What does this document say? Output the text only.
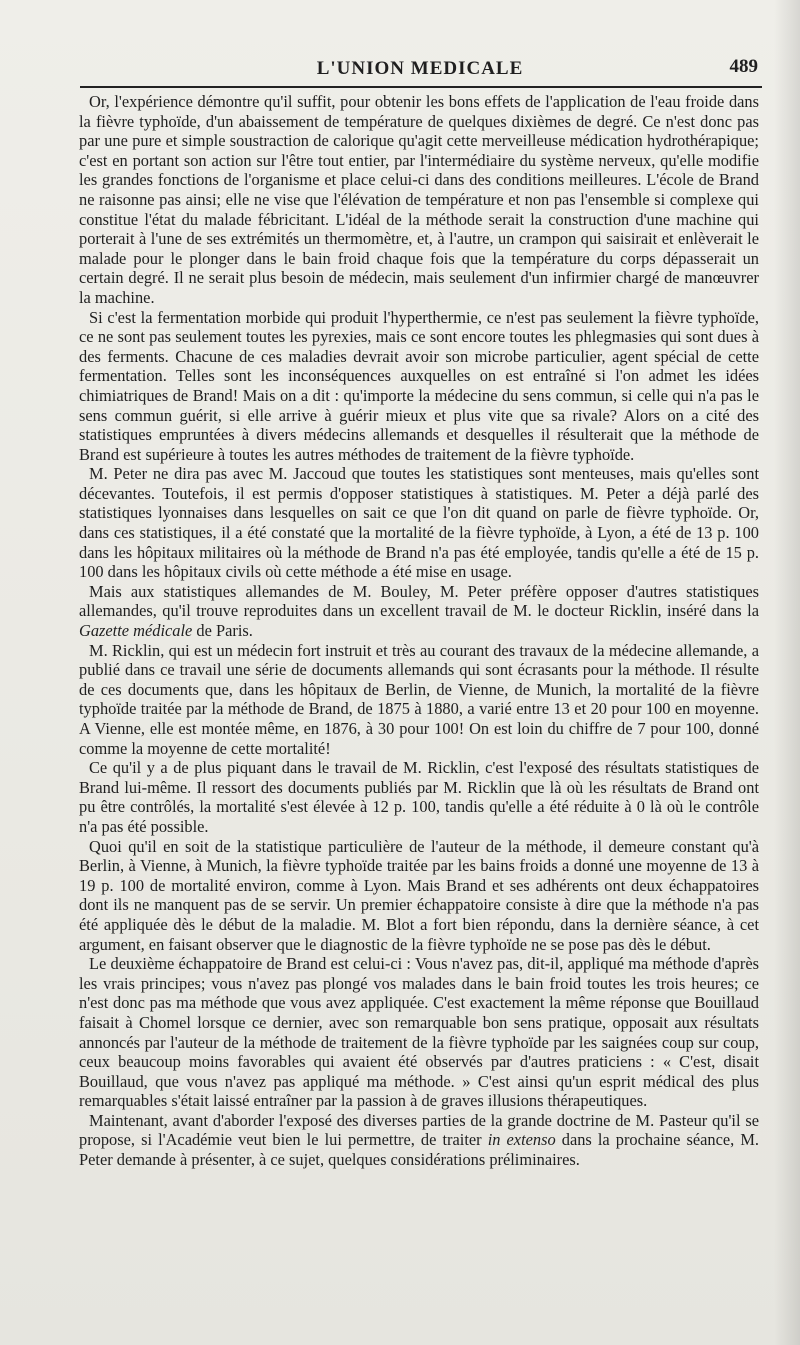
L'UNION MEDICALE	489

Or, l'expérience démontre qu'il suffit, pour obtenir les bons effets de l'application de l'eau froide dans la fièvre typhoïde, d'un abaissement de température de quelques dixièmes de degré. Ce n'est donc pas par une pure et simple soustraction de calorique qu'agit cette merveilleuse médication hydrothérapique; c'est en portant son action sur l'être tout entier, par l'intermédiaire du système nerveux, qu'elle modifie les grandes fonctions de l'organisme et place celui-ci dans des conditions meilleures. L'école de Brand ne raisonne pas ainsi; elle ne vise que l'élévation de température et non pas l'ensemble si complexe qui constitue l'état du malade fébricitant. L'idéal de la méthode serait la construction d'une machine qui porterait à l'une de ses extrémités un thermomètre, et, à l'autre, un crampon qui saisirait et enlèverait le malade pour le plonger dans le bain froid chaque fois que la température du corps dépasserait un certain degré. Il ne serait plus besoin de médecin, mais seulement d'un infirmier chargé de manœuvrer la machine.

Si c'est la fermentation morbide qui produit l'hyperthermie, ce n'est pas seulement la fièvre typhoïde, ce ne sont pas seulement toutes les pyrexies, mais ce sont encore toutes les phlegmasies qui sont dues à des ferments. Chacune de ces maladies devrait avoir son microbe particulier, agent spécial de cette fermentation. Telles sont les inconséquences auxquelles on est entraîné si l'on admet les idées chimiatriques de Brand! Mais on a dit : qu'importe la médecine du sens commun, si celle qui n'a pas le sens commun guérit, si elle arrive à guérir mieux et plus vite que sa rivale? Alors on a cité des statistiques empruntées à divers médecins allemands et desquelles il résulterait que la méthode de Brand est supérieure à toutes les autres méthodes de traitement de la fièvre typhoïde.

M. Peter ne dira pas avec M. Jaccoud que toutes les statistiques sont menteuses, mais qu'elles sont décevantes. Toutefois, il est permis d'opposer statistiques à statistiques. M. Peter a déjà parlé des statistiques lyonnaises dans lesquelles on sait ce que l'on dit quand on parle de fièvre typhoïde. Or, dans ces statistiques, il a été constaté que la mortalité de la fièvre typhoïde, à Lyon, a été de 13 p. 100 dans les hôpitaux militaires où la méthode de Brand n'a pas été employée, tandis qu'elle a été de 15 p. 100 dans les hôpitaux civils où cette méthode a été mise en usage.

Mais aux statistiques allemandes de M. Bouley, M. Peter préfère opposer d'autres statistiques allemandes, qu'il trouve reproduites dans un excellent travail de M. le docteur Ricklin, inséré dans la Gazette médicale de Paris.

M. Ricklin, qui est un médecin fort instruit et très au courant des travaux de la médecine allemande, a publié dans ce travail une série de documents allemands qui sont écrasants pour la méthode. Il résulte de ces documents que, dans les hôpitaux de Berlin, de Vienne, de Munich, la mortalité de la fièvre typhoïde traitée par la méthode de Brand, de 1875 à 1880, a varié entre 13 et 20 pour 100 en moyenne. A Vienne, elle est montée même, en 1876, à 30 pour 100! On est loin du chiffre de 7 pour 100, donné comme la moyenne de cette mortalité!

Ce qu'il y a de plus piquant dans le travail de M. Ricklin, c'est l'exposé des résultats statistiques de Brand lui-même. Il ressort des documents publiés par M. Ricklin que là où les résultats de Brand ont pu être contrôlés, la mortalité s'est élevée à 12 p. 100, tandis qu'elle a été réduite à 0 là où le contrôle n'a pas été possible.

Quoi qu'il en soit de la statistique particulière de l'auteur de la méthode, il demeure constant qu'à Berlin, à Vienne, à Munich, la fièvre typhoïde traitée par les bains froids a donné une moyenne de 13 à 19 p. 100 de mortalité environ, comme à Lyon. Mais Brand et ses adhérents ont deux échappatoires dont ils ne manquent pas de se servir. Un premier échappatoire consiste à dire que la méthode n'a pas été appliquée dès le début de la maladie. M. Blot a fort bien répondu, dans la dernière séance, à cet argument, en faisant observer que le diagnostic de la fièvre typhoïde ne se pose pas dès le début.

Le deuxième échappatoire de Brand est celui-ci : Vous n'avez pas, dit-il, appliqué ma méthode d'après les vrais principes; vous n'avez pas plongé vos malades dans le bain froid toutes les trois heures; ce n'est donc pas ma méthode que vous avez appliquée. C'est exactement la même réponse que Bouillaud faisait à Chomel lorsque ce dernier, avec son remarquable bon sens pratique, opposait aux résultats annoncés par l'auteur de la méthode de traitement de la fièvre typhoïde par les saignées coup sur coup, ceux beaucoup moins favorables qui avaient été observés par d'autres praticiens : « C'est, disait Bouillaud, que vous n'avez pas appliqué ma méthode. » C'est ainsi qu'un esprit médical des plus remarquables s'était laissé entraîner par la passion à de graves illusions thérapeutiques.

Maintenant, avant d'aborder l'exposé des diverses parties de la grande doctrine de M. Pasteur qu'il se propose, si l'Académie veut bien le lui permettre, de traiter in extenso dans la prochaine séance, M. Peter demande à présenter, à ce sujet, quelques considérations préliminaires.
